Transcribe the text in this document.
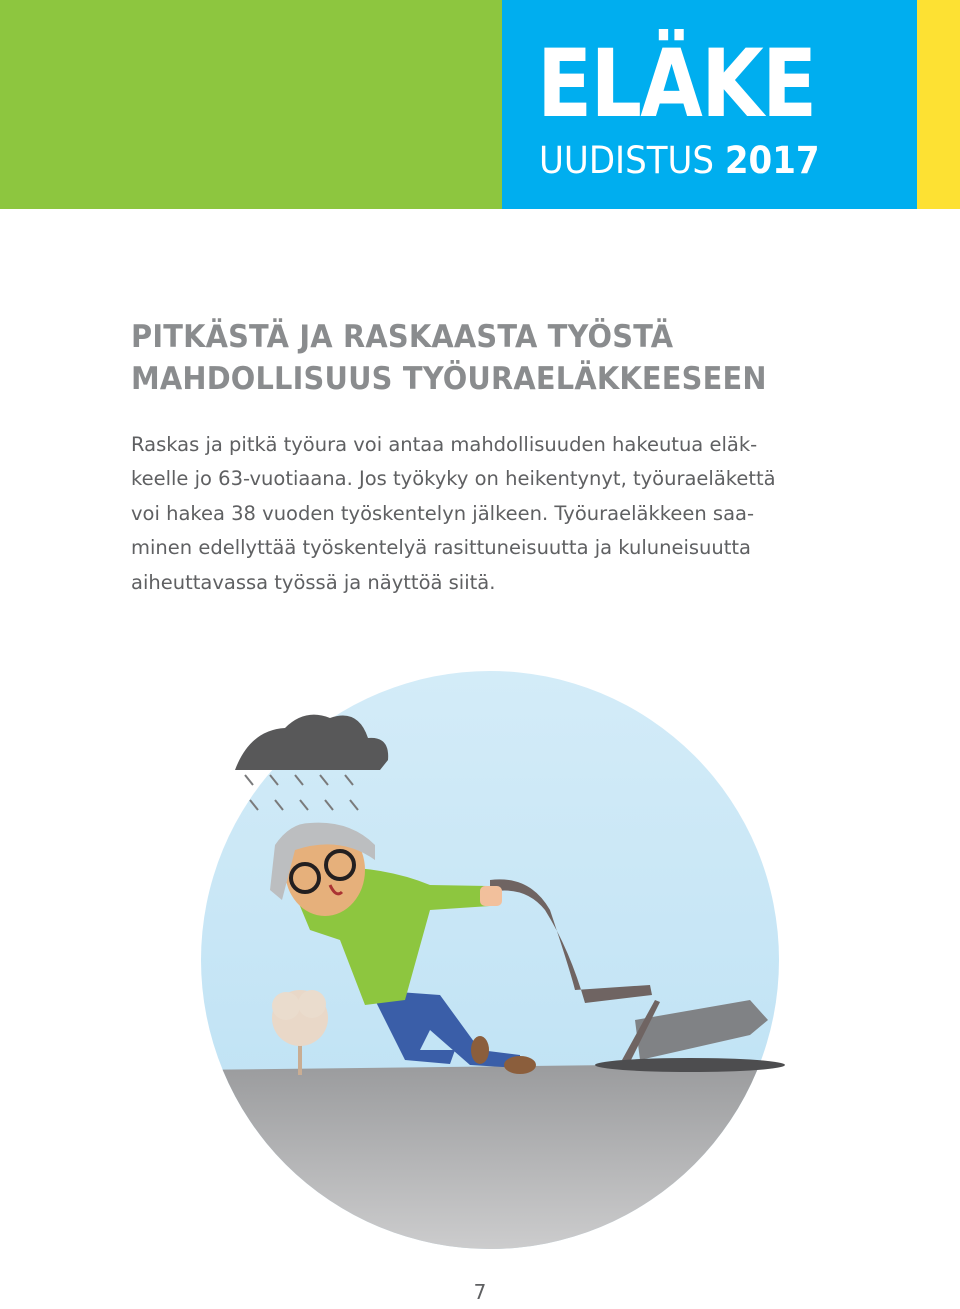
ELÄKE

UUDISTUS 2017

PITKÄSTÄ JA RASKAASTA TYÖSTÄ
MAHDOLLISUUS TYÖURAELÄKKEESEEN

Raskas ja pitkä työura voi antaa mahdollisuuden hakeutua eläk-
keelle jo 63-vuotiaana. Jos työkyky on heikentynyt, työuraeläkettä
voi hakea 38 vuoden työskentelyn jälkeen. Työuraeläkkeen saa-
minen edellyttää työskentelyä rasittuneisuutta ja kuluneisuutta
aiheuttavassa työssä ja näyttöä siitä.

7
